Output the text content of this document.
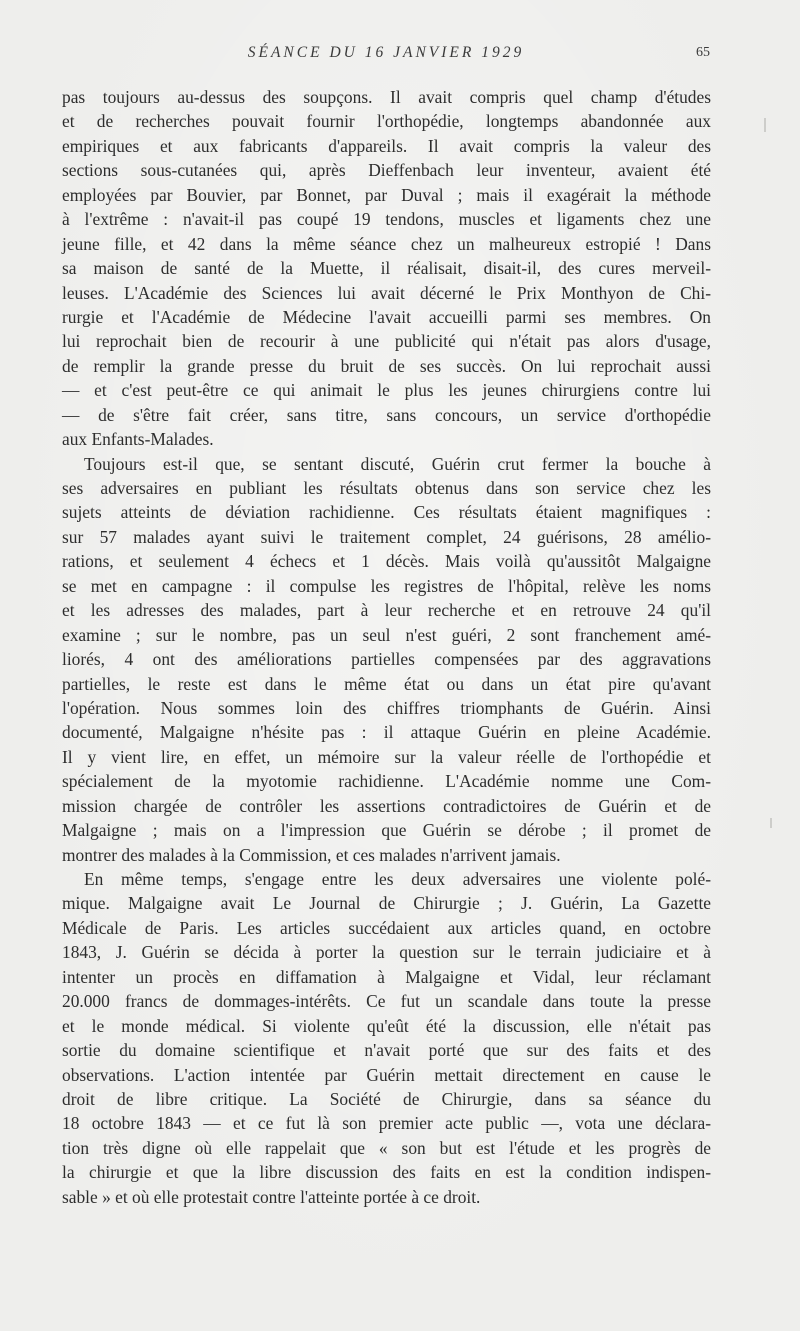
SÉANCE DU 16 JANVIER 1929	65
pas toujours au-dessus des soupçons. Il avait compris quel champ d'études
et de recherches pouvait fournir l'orthopédie, longtemps abandonnée aux
empiriques et aux fabricants d'appareils. Il avait compris la valeur des
sections sous-cutanées qui, après Dieffenbach leur inventeur, avaient été
employées par Bouvier, par Bonnet, par Duval ; mais il exagérait la méthode
à l'extrême : n'avait-il pas coupé 19 tendons, muscles et ligaments chez une
jeune fille, et 42 dans la même séance chez un malheureux estropié ! Dans
sa maison de santé de la Muette, il réalisait, disait-il, des cures merveil-
leuses. L'Académie des Sciences lui avait décerné le Prix Monthyon de Chi-
rurgie et l'Académie de Médecine l'avait accueilli parmi ses membres. On
lui reprochait bien de recourir à une publicité qui n'était pas alors d'usage,
de remplir la grande presse du bruit de ses succès. On lui reprochait aussi
— et c'est peut-être ce qui animait le plus les jeunes chirurgiens contre lui
— de s'être fait créer, sans titre, sans concours, un service d'orthopédie
aux Enfants-Malades.
Toujours est-il que, se sentant discuté, Guérin crut fermer la bouche à
ses adversaires en publiant les résultats obtenus dans son service chez les
sujets atteints de déviation rachidienne. Ces résultats étaient magnifiques :
sur 57 malades ayant suivi le traitement complet, 24 guérisons, 28 amélio-
rations, et seulement 4 échecs et 1 décès. Mais voilà qu'aussitôt Malgaigne
se met en campagne : il compulse les registres de l'hôpital, relève les noms
et les adresses des malades, part à leur recherche et en retrouve 24 qu'il
examine ; sur le nombre, pas un seul n'est guéri, 2 sont franchement amé-
liorés, 4 ont des améliorations partielles compensées par des aggravations
partielles, le reste est dans le même état ou dans un état pire qu'avant
l'opération. Nous sommes loin des chiffres triomphants de Guérin. Ainsi
documenté, Malgaigne n'hésite pas : il attaque Guérin en pleine Académie.
Il y vient lire, en effet, un mémoire sur la valeur réelle de l'orthopédie et
spécialement de la myotomie rachidienne. L'Académie nomme une Com-
mission chargée de contrôler les assertions contradictoires de Guérin et de
Malgaigne ; mais on a l'impression que Guérin se dérobe ; il promet de
montrer des malades à la Commission, et ces malades n'arrivent jamais.
En même temps, s'engage entre les deux adversaires une violente polé-
mique. Malgaigne avait Le Journal de Chirurgie ; J. Guérin, La Gazette
Médicale de Paris. Les articles succédaient aux articles quand, en octobre
1843, J. Guérin se décida à porter la question sur le terrain judiciaire et à
intenter un procès en diffamation à Malgaigne et Vidal, leur réclamant
20.000 francs de dommages-intérêts. Ce fut un scandale dans toute la presse
et le monde médical. Si violente qu'eût été la discussion, elle n'était pas
sortie du domaine scientifique et n'avait porté que sur des faits et des
observations. L'action intentée par Guérin mettait directement en cause le
droit de libre critique. La Société de Chirurgie, dans sa séance du
18 octobre 1843 — et ce fut là son premier acte public —, vota une déclara-
tion très digne où elle rappelait que « son but est l'étude et les progrès de
la chirurgie et que la libre discussion des faits en est la condition indispen-
sable » et où elle protestait contre l'atteinte portée à ce droit.
